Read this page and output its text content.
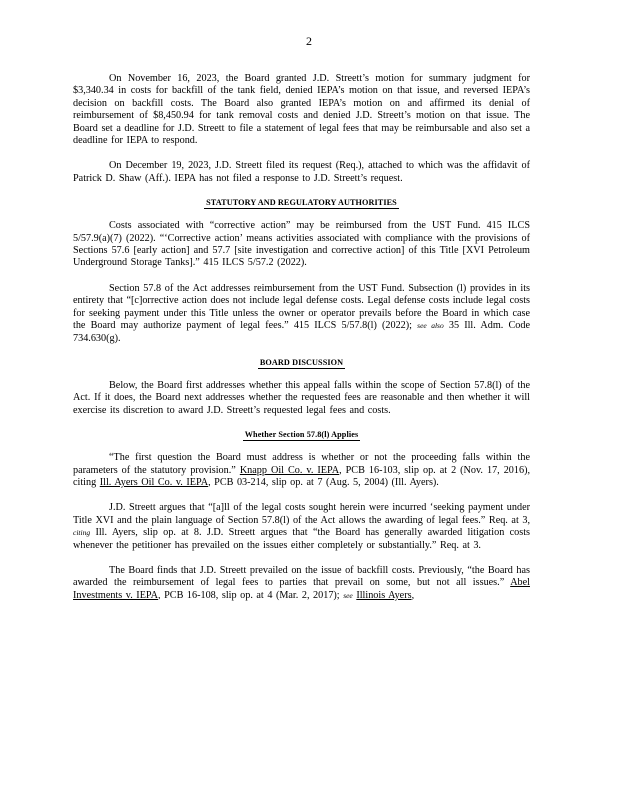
2

On November 16, 2023, the Board granted J.D. Streett’s motion for summary judgment for $3,340.34 in costs for backfill of the tank field, denied IEPA’s motion on that issue, and reversed IEPA’s decision on backfill costs. The Board also granted IEPA’s motion on and affirmed its denial of reimbursement of $8,450.94 for tank removal costs and denied J.D. Streett’s motion on that issue. The Board set a deadline for J.D. Streett to file a statement of legal fees that may be reimbursable and also set a deadline for IEPA to respond.

On December 19, 2023, J.D. Streett filed its request (Req.), attached to which was the affidavit of Patrick D. Shaw (Aff.). IEPA has not filed a response to J.D. Streett’s request.

STATUTORY AND REGULATORY AUTHORITIES

Costs associated with “corrective action” may be reimbursed from the UST Fund. 415 ILCS 5/57.9(a)(7) (2022). “‘Corrective action’ means activities associated with compliance with the provisions of Sections 57.6 [early action] and 57.7 [site investigation and corrective action] of this Title [XVI Petroleum Underground Storage Tanks].” 415 ILCS 5/57.2 (2022).

Section 57.8 of the Act addresses reimbursement from the UST Fund. Subsection (l) provides in its entirety that “[c]orrective action does not include legal defense costs. Legal defense costs include legal costs for seeking payment under this Title unless the owner or operator prevails before the Board in which case the Board may authorize payment of legal fees.” 415 ILCS 5/57.8(l) (2022); see also 35 Ill. Adm. Code 734.630(g).

BOARD DISCUSSION

Below, the Board first addresses whether this appeal falls within the scope of Section 57.8(l) of the Act. If it does, the Board next addresses whether the requested fees are reasonable and then whether it will exercise its discretion to award J.D. Streett’s requested legal fees and costs.

Whether Section 57.8(l) Applies

“The first question the Board must address is whether or not the proceeding falls within the parameters of the statutory provision.” Knapp Oil Co. v. IEPA, PCB 16-103, slip op. at 2 (Nov. 17, 2016), citing Ill. Ayers Oil Co. v. IEPA, PCB 03-214, slip op. at 7 (Aug. 5, 2004) (Ill. Ayers).

J.D. Streett argues that “[a]ll of the legal costs sought herein were incurred ‘seeking payment under Title XVI and the plain language of Section 57.8(l) of the Act allows the awarding of legal fees.” Req. at 3, citing Ill. Ayers, slip op. at 8. J.D. Streett argues that “the Board has generally awarded litigation costs whenever the petitioner has prevailed on the issues either completely or substantially.” Req. at 3.

The Board finds that J.D. Streett prevailed on the issue of backfill costs. Previously, “the Board has awarded the reimbursement of legal fees to parties that prevail on some, but not all issues.” Abel Investments v. IEPA, PCB 16-108, slip op. at 4 (Mar. 2, 2017); see Illinois Ayers,
